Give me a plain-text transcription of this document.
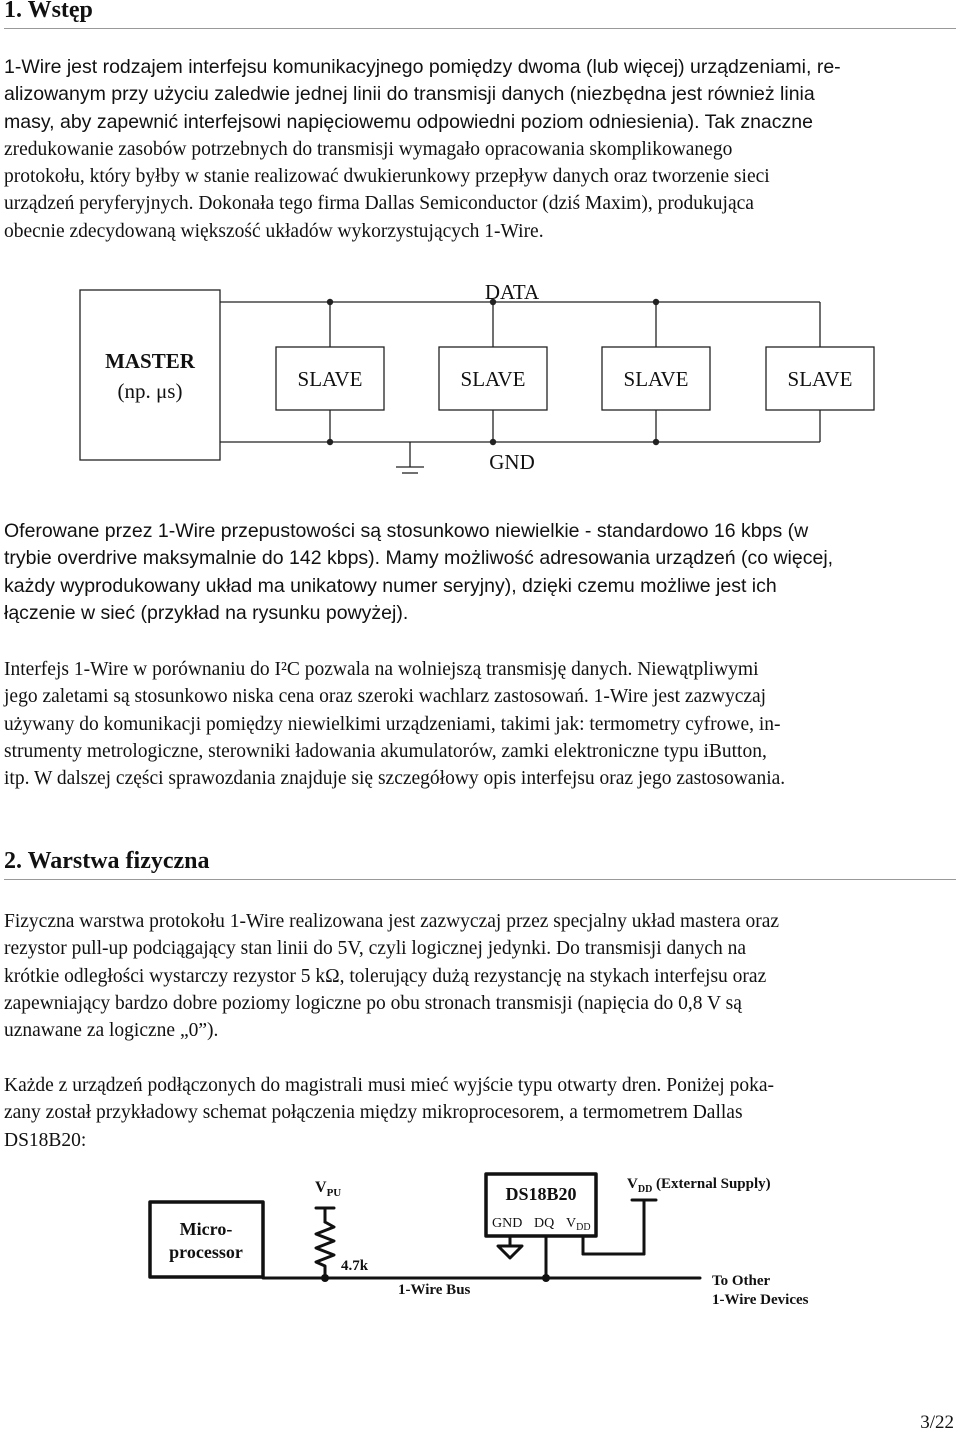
1. Wstęp

1-Wire jest rodzajem interfejsu komunikacyjnego pomiędzy dwoma (lub więcej) urządzeniami, re-
alizowanym przy użyciu zaledwie jednej linii do transmisji danych (niezbędna jest również linia
masy, aby zapewnić interfejsowi napięciowemu odpowiedni poziom odniesienia). Tak znaczne
zredukowanie zasobów potrzebnych do transmisji wymagało opracowania skomplikowanego
protokołu, który byłby w stanie realizować dwukierunkowy przepływ danych oraz tworzenie sieci
urządzeń peryferyjnych. Dokonała tego firma Dallas Semiconductor (dziś Maxim), produkująca
obecnie zdecydowaną większość układów wykorzystujących 1-Wire.

DATA
GND
MASTER
(np. μs)	SLAVE	SLAVE	SLAVE	SLAVE

Oferowane przez 1-Wire przepustowości są stosunkowo niewielkie - standardowo 16 kbps (w
trybie overdrive maksymalnie do 142 kbps). Mamy możliwość adresowania urządzeń (co więcej,
każdy wyprodukowany układ ma unikatowy numer seryjny), dzięki czemu możliwe jest ich
łączenie w sieć (przykład na rysunku powyżej).

Interfejs 1-Wire w porównaniu do I²C pozwala na wolniejszą transmisję danych. Niewątpliwymi
jego zaletami są stosunkowo niska cena oraz szeroki wachlarz zastosowań. 1-Wire jest zazwyczaj
używany do komunikacji pomiędzy niewielkimi urządzeniami, takimi jak: termometry cyfrowe, in-
strumenty metrologiczne, sterowniki ładowania akumulatorów, zamki elektroniczne typu iButton,
itp. W dalszej części sprawozdania znajduje się szczegółowy opis interfejsu oraz jego zastosowania.

2. Warstwa fizyczna

Fizyczna warstwa protokołu 1-Wire realizowana jest zazwyczaj przez specjalny układ mastera oraz
rezystor pull-up podciągający stan linii do 5V, czyli logicznej jedynki. Do transmisji danych na
krótkie odległości wystarczy rezystor 5 kΩ, tolerujący dużą rezystancję na stykach interfejsu oraz
zapewniający bardzo dobre poziomy logiczne po obu stronach transmisji (napięcia do 0,8 V są
uznawane za logiczne „0”).

Każde z urządzeń podłączonych do magistrali musi mieć wyjście typu otwarty dren. Poniżej poka-
zany został przykładowy schemat połączenia między mikroprocesorem, a termometrem Dallas
DS18B20:

Micro-
processor
$V_{PU}$
4.7k
1-Wire Bus
DS18B20
GND DQ $V_{DD}$
$V_{DD}$ (External Supply)
To Other
1-Wire Devices
3/22
